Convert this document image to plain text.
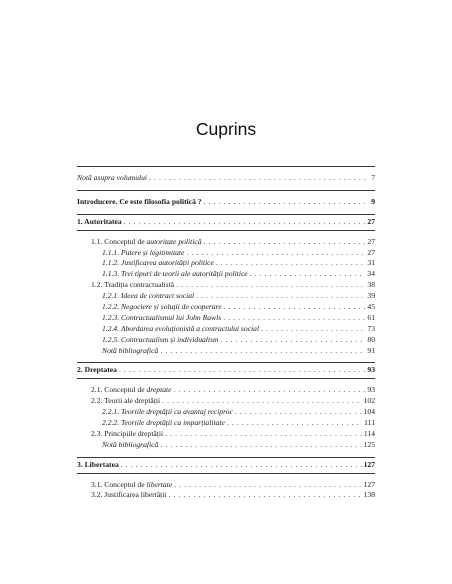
Cuprins
Notă asupra volumului . . .	7
Introducere. Ce este filosofia politică ? . . .	9
1. Autoritatea . . .	27
1.1. Conceptul de autoritate politică . . .	27
1.1.1. Putere și legitimitate . . .	27
1.1.2. Justificarea autorității politice . . .	31
1.1.3. Trei tipuri de teorii ale autorității politice . . .	34
1.2. Tradiția contractualistă . . .	38
1.2.1. Ideea de contract social . . .	39
1.2.2. Negociere și soluții de cooperare . . .	45
1.2.3. Contractualismul lui John Rawls . . .	61
1.2.4. Abordarea evoluționistă a contractului social . . .	73
1.2.5. Contractualism și individualism . . .	80
Notă bibliografică . . .	91
2. Dreptatea . . .	93
2.1. Conceptul de dreptate . . .	93
2.2. Teorii ale dreptății . . .	102
2.2.1. Teoriile dreptății ca avantaj reciproc . . .	104
2.2.2. Teoriile dreptății ca imparțialitate . . .	111
2.3. Principiile dreptății . . .	114
Notă bibliografică . . .	125
3. Libertatea . . .	127
3.1. Conceptul de libertate . . .	127
3.2. Justificarea libertății . . .	138
